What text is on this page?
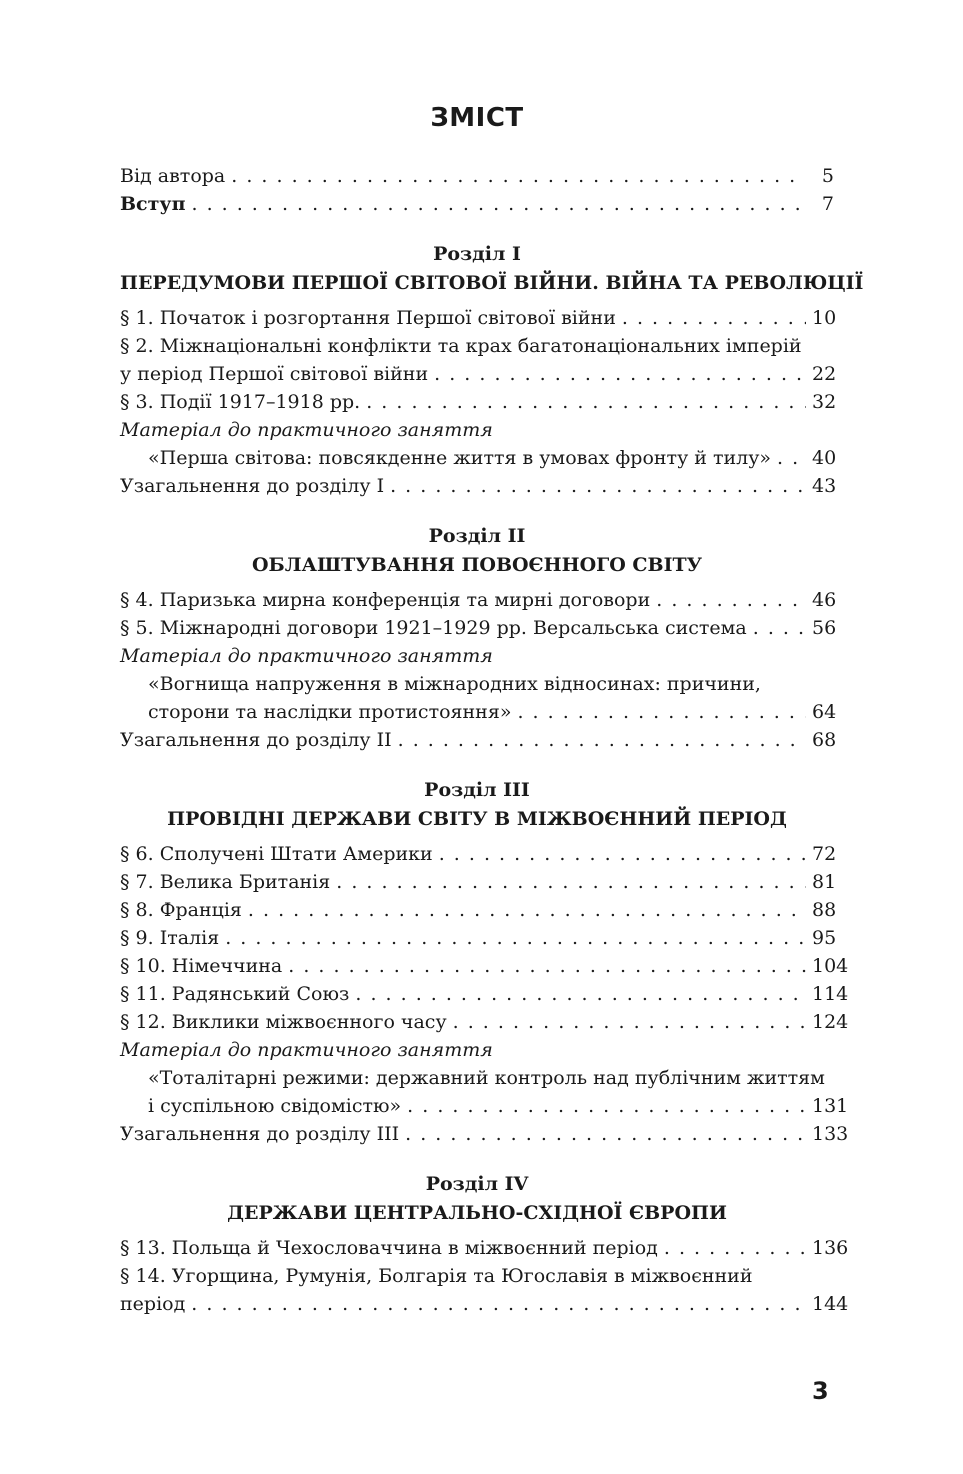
ЗМІСТ
Від автора . . .	5
Вступ . . .	7
Розділ I
ПЕРЕДУМОВИ ПЕРШОЇ СВІТОВОЇ ВІЙНИ. ВІЙНА ТА РЕВОЛЮЦІЇ
§ 1. Початок і розгортання Першої світової війни . . .	10
§ 2. Міжнаціональні конфлікти та крах багатонаціональних імперій
у період Першої світової війни . . .	22
§ 3. Події 1917–1918 рр. . . .	32
Матеріал до практичного заняття
«Перша світова: повсякденне життя в умовах фронту й тилу» . . . 40
Узагальнення до розділу I . . .	43
Розділ II
ОБЛАШТУВАННЯ ПОВОЄННОГО СВІТУ
§ 4. Паризька мирна конференція та мирні договори . . .	46
§ 5. Міжнародні договори 1921–1929 рр. Версальська система . . .	56
Матеріал до практичного заняття
«Вогнища напруження в міжнародних відносинах: причини,
сторони та наслідки протистояння» . . .	64
Узагальнення до розділу II . . .	68
Розділ III
ПРОВІДНІ ДЕРЖАВИ СВІТУ В МІЖВОЄННИЙ ПЕРІОД
§ 6. Сполучені Штати Америки . . .	72
§ 7. Велика Британія . . .	81
§ 8. Франція . . .	88
§ 9. Італія . . .	95
§ 10. Німеччина . . .	104
§ 11. Радянський Союз . . .	114
§ 12. Виклики міжвоєнного часу . . .	124
Матеріал до практичного заняття
«Тоталітарні режими: державний контроль над публічним життям
і суспільною свідомістю» . . .	131
Узагальнення до розділу III . . .	133
Розділ IV
ДЕРЖАВИ ЦЕНТРАЛЬНО-СХІДНОЇ ЄВРОПИ
§ 13. Польща й Чехословаччина в міжвоєнний період . . .	136
§ 14. Угорщина, Румунія, Болгарія та Югославія в міжвоєнний
період . . .	144
3
